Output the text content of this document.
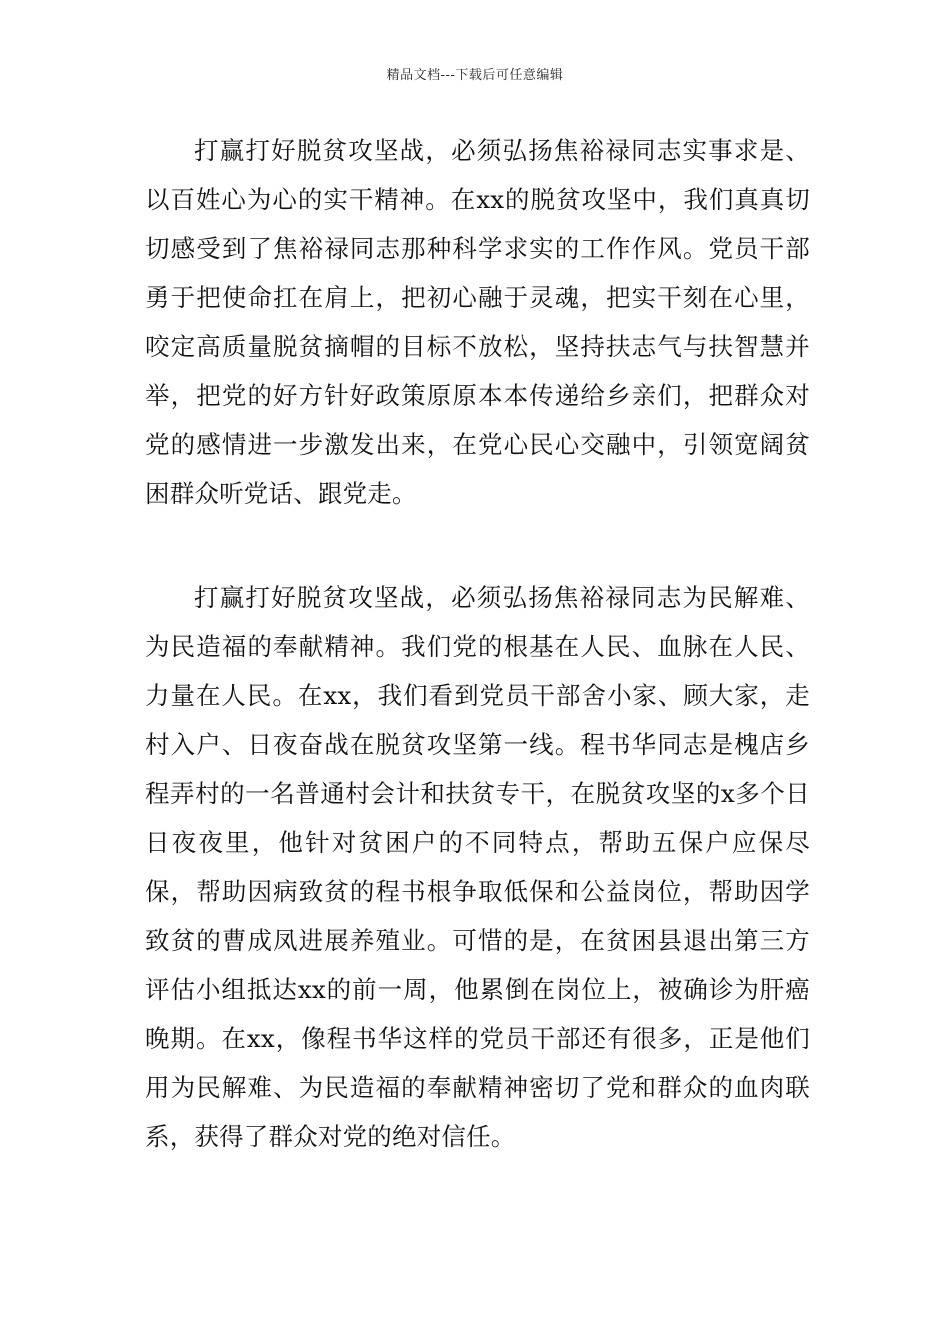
精品文档---下载后可任意编辑

打赢打好脱贫攻坚战，必须弘扬焦裕禄同志实事求是、以百姓心为心的实干精神。在xx的脱贫攻坚中，我们真真切切感受到了焦裕禄同志那种科学求实的工作作风。党员干部勇于把使命扛在肩上，把初心融于灵魂，把实干刻在心里，咬定高质量脱贫摘帽的目标不放松，坚持扶志气与扶智慧并举，把党的好方针好政策原原本本传递给乡亲们，把群众对党的感情进一步激发出来，在党心民心交融中，引领宽阔贫困群众听党话、跟党走。

打赢打好脱贫攻坚战，必须弘扬焦裕禄同志为民解难、为民造福的奉献精神。我们党的根基在人民、血脉在人民、力量在人民。在xx，我们看到党员干部舍小家、顾大家，走村入户、日夜奋战在脱贫攻坚第一线。程书华同志是槐店乡程弄村的一名普通村会计和扶贫专干，在脱贫攻坚的x多个日日夜夜里，他针对贫困户的不同特点，帮助五保户应保尽保，帮助因病致贫的程书根争取低保和公益岗位，帮助因学致贫的曹成凤进展养殖业。可惜的是，在贫困县退出第三方评估小组抵达xx的前一周，他累倒在岗位上，被确诊为肝癌晚期。在xx，像程书华这样的党员干部还有很多，正是他们用为民解难、为民造福的奉献精神密切了党和群众的血肉联系，获得了群众对党的绝对信任。
